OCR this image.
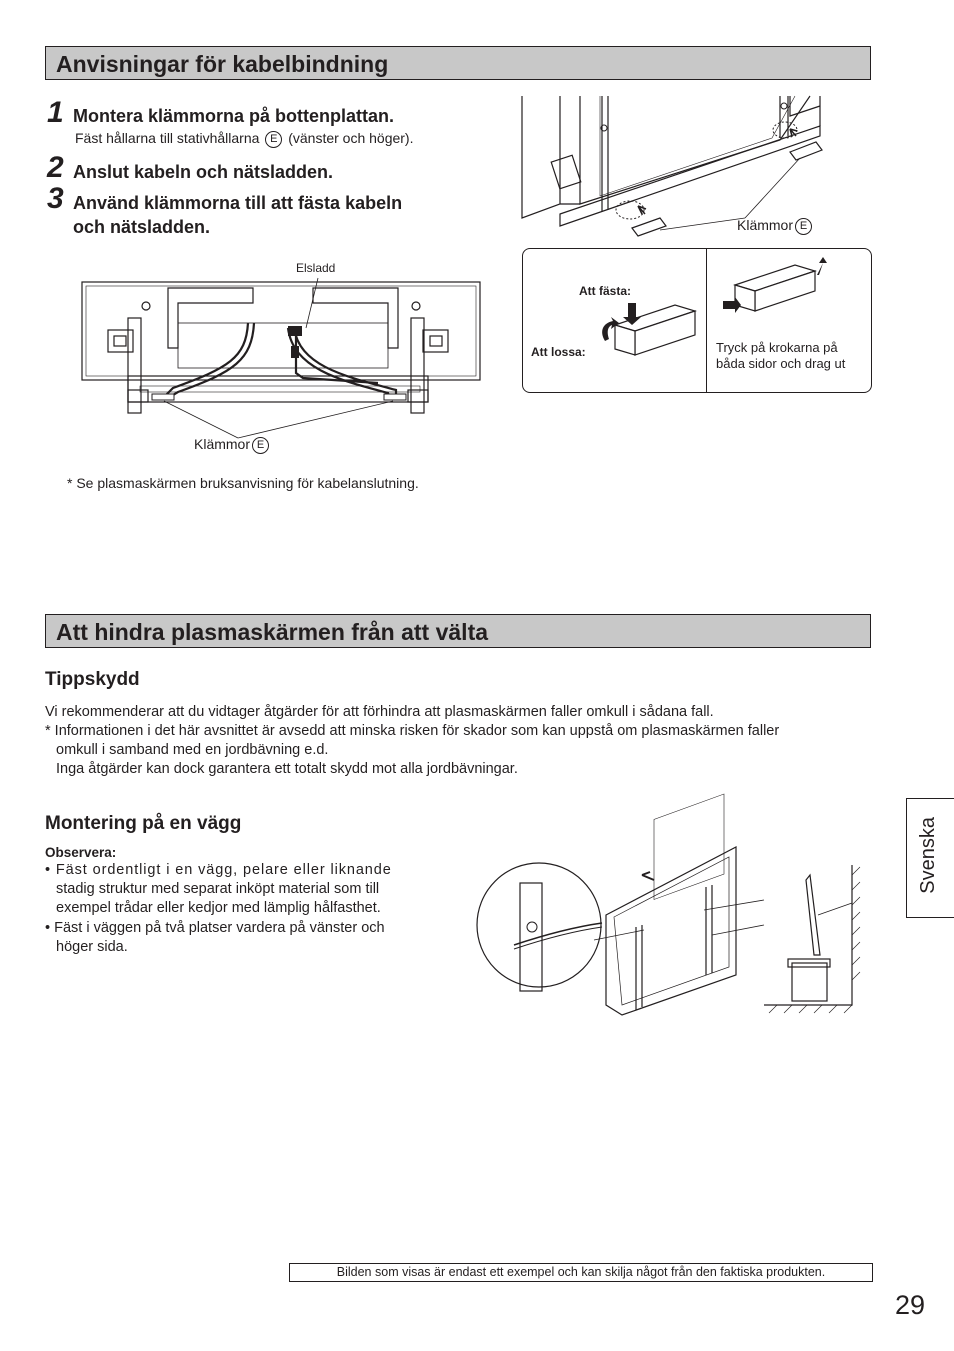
Anvisningar för kabelbindning
1 Montera klämmorna på bottenplattan.
Fäst hållarna till stativhållarna E (vänster och höger).
2 Anslut kabeln och nätsladden.
3 Använd klämmorna till att fästa kabeln
och nätsladden.
Elsladd
Klämmor E
* Se plasmaskärmen bruksanvisning för kabelanslutning.
Klämmor E
Att fästa:
Att lossa:	Tryck på krokarna på
båda sidor och drag ut
Att hindra plasmaskärmen från att välta
Tippskydd
Vi rekommenderar att du vidtager åtgärder för att förhindra att plasmaskärmen faller omkull i sådana fall.
* Informationen i det här avsnittet är avsedd att minska risken för skador som kan uppstå om plasmaskärmen faller
omkull i samband med en jordbävning e.d.
Inga åtgärder kan dock garantera ett totalt skydd mot alla jordbävningar.
Montering på en vägg
Observera:
• Fäst ordentligt i en vägg, pelare eller liknande
stadig struktur med separat inköpt material som till
exempel trådar eller kedjor med lämplig hålfasthet.
• Fäst i väggen på två platser vardera på vänster och
höger sida.
Svenska
Bilden som visas är endast ett exempel och kan skilja något från den faktiska produkten.
29
